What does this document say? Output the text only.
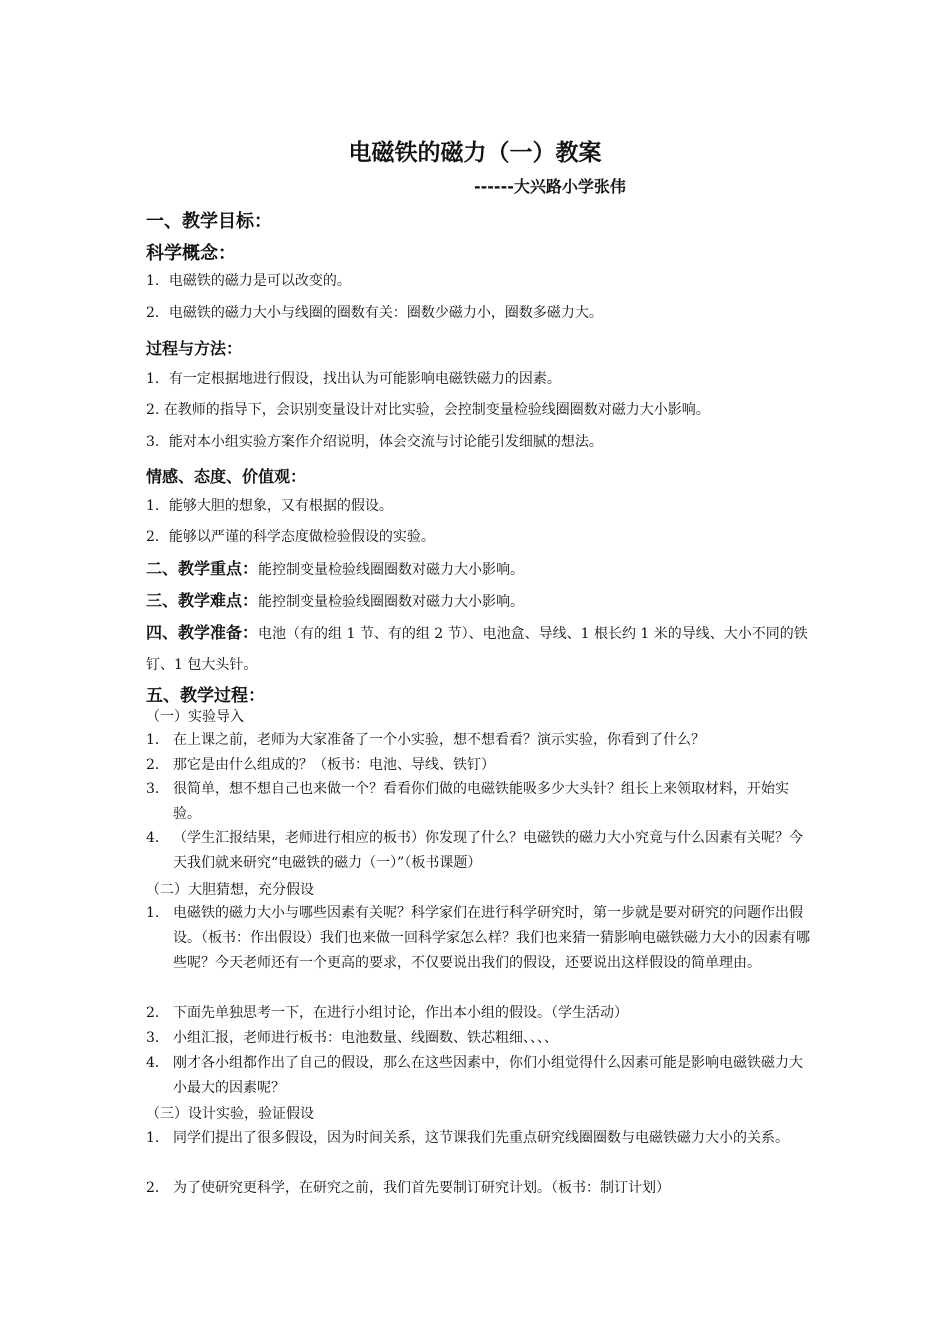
电磁铁的磁力（一）教案
------大兴路小学张伟
一、教学目标：
科学概念：
1．电磁铁的磁力是可以改变的。
2．电磁铁的磁力大小与线圈的圈数有关：圈数少磁力小，圈数多磁力大。
过程与方法：
1．有一定根据地进行假设，找出认为可能影响电磁铁磁力的因素。
2. 在教师的指导下，会识别变量设计对比实验，会控制变量检验线圈圈数对磁力大小影响。
3．能对本小组实验方案作介绍说明，体会交流与讨论能引发细腻的想法。
情感、态度、价值观：
1．能够大胆的想象，又有根据的假设。
2．能够以严谨的科学态度做检验假设的实验。
二、教学重点：能控制变量检验线圈圈数对磁力大小影响。
三、教学难点：能控制变量检验线圈圈数对磁力大小影响。
四、教学准备：电池（有的组 1 节、有的组 2 节）、电池盒、导线、1 根长约 1 米的导线、大小不同的铁钉、1 包大头针。
五、教学过程：
（一）实验导入
1． 在上课之前，老师为大家准备了一个小实验，想不想看看？演示实验，你看到了什么？
2． 那它是由什么组成的？（板书：电池、导线、铁钉）
3． 很简单，想不想自己也来做一个？看看你们做的电磁铁能吸多少大头针？组长上来领取材料，开始实验。
4． （学生汇报结果，老师进行相应的板书）你发现了什么？电磁铁的磁力大小究竟与什么因素有关呢？今天我们就来研究“电磁铁的磁力（一）”（板书课题）
（二）大胆猜想，充分假设
1． 电磁铁的磁力大小与哪些因素有关呢？科学家们在进行科学研究时，第一步就是要对研究的问题作出假设。（板书：作出假设）我们也来做一回科学家怎么样？我们也来猜一猜影响电磁铁磁力大小的因素有哪些呢？今天老师还有一个更高的要求，不仅要说出我们的假设，还要说出这样假设的简单理由。
2． 下面先单独思考一下，在进行小组讨论，作出本小组的假设。（学生活动）
3． 小组汇报，老师进行板书：电池数量、线圈数、铁芯粗细、、、、
4． 刚才各小组都作出了自己的假设，那么在这些因素中，你们小组觉得什么因素可能是影响电磁铁磁力大小最大的因素呢？
（三）设计实验，验证假设
1． 同学们提出了很多假设，因为时间关系，这节课我们先重点研究线圈圈数与电磁铁磁力大小的关系。
2． 为了使研究更科学，在研究之前，我们首先要制订研究计划。（板书：制订计划）
